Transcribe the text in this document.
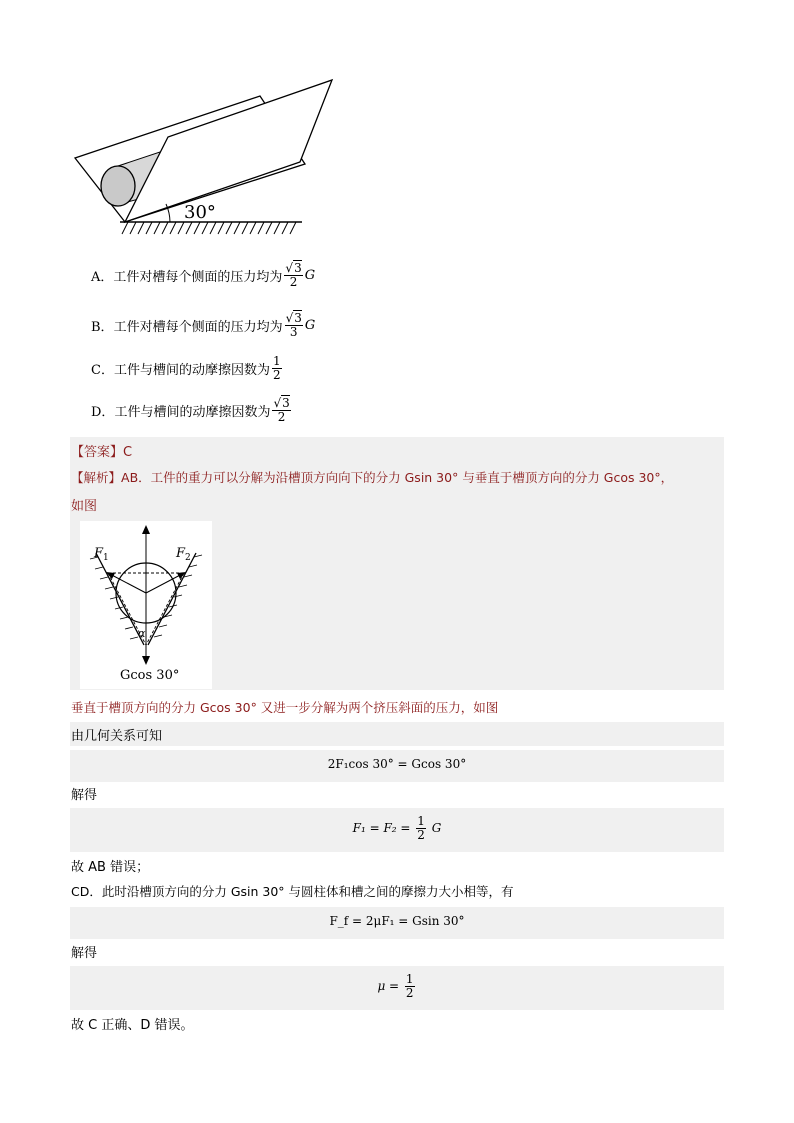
30°
A． 工件对槽每个侧面的压力均为 $\frac{√3}{2}$ G
B． 工件对槽每个侧面的压力均为 $\frac{√3}{3}$ G
C． 工件与槽间的动摩擦因数为 $\frac{1}{2}$
D． 工件与槽间的动摩擦因数为 $\frac{√3}{2}$
【答案】C
【解析】AB．工件的重力可以分解为沿槽顶方向向下的分力 Gsin 30° 与垂直于槽顶方向的分力 Gcos 30°，
如图
$F_1$	$F_2$
α
Gcos 30°
垂直于槽顶方向的分力 Gcos 30° 又进一步分解为两个挤压斜面的压力，如图
由几何关系可知
2F₁cos 30° = Gcos 30°
解得
$F_1 = F_2 = \frac{1}{2}$ G
故 AB 错误；
CD．此时沿槽顶方向的分力 Gsin 30° 与圆柱体和槽之间的摩擦力大小相等，有
F_f = 2μF₁ = Gsin 30°
解得
$\mu = \frac{1}{2}$
故 C 正确、D 错误。
